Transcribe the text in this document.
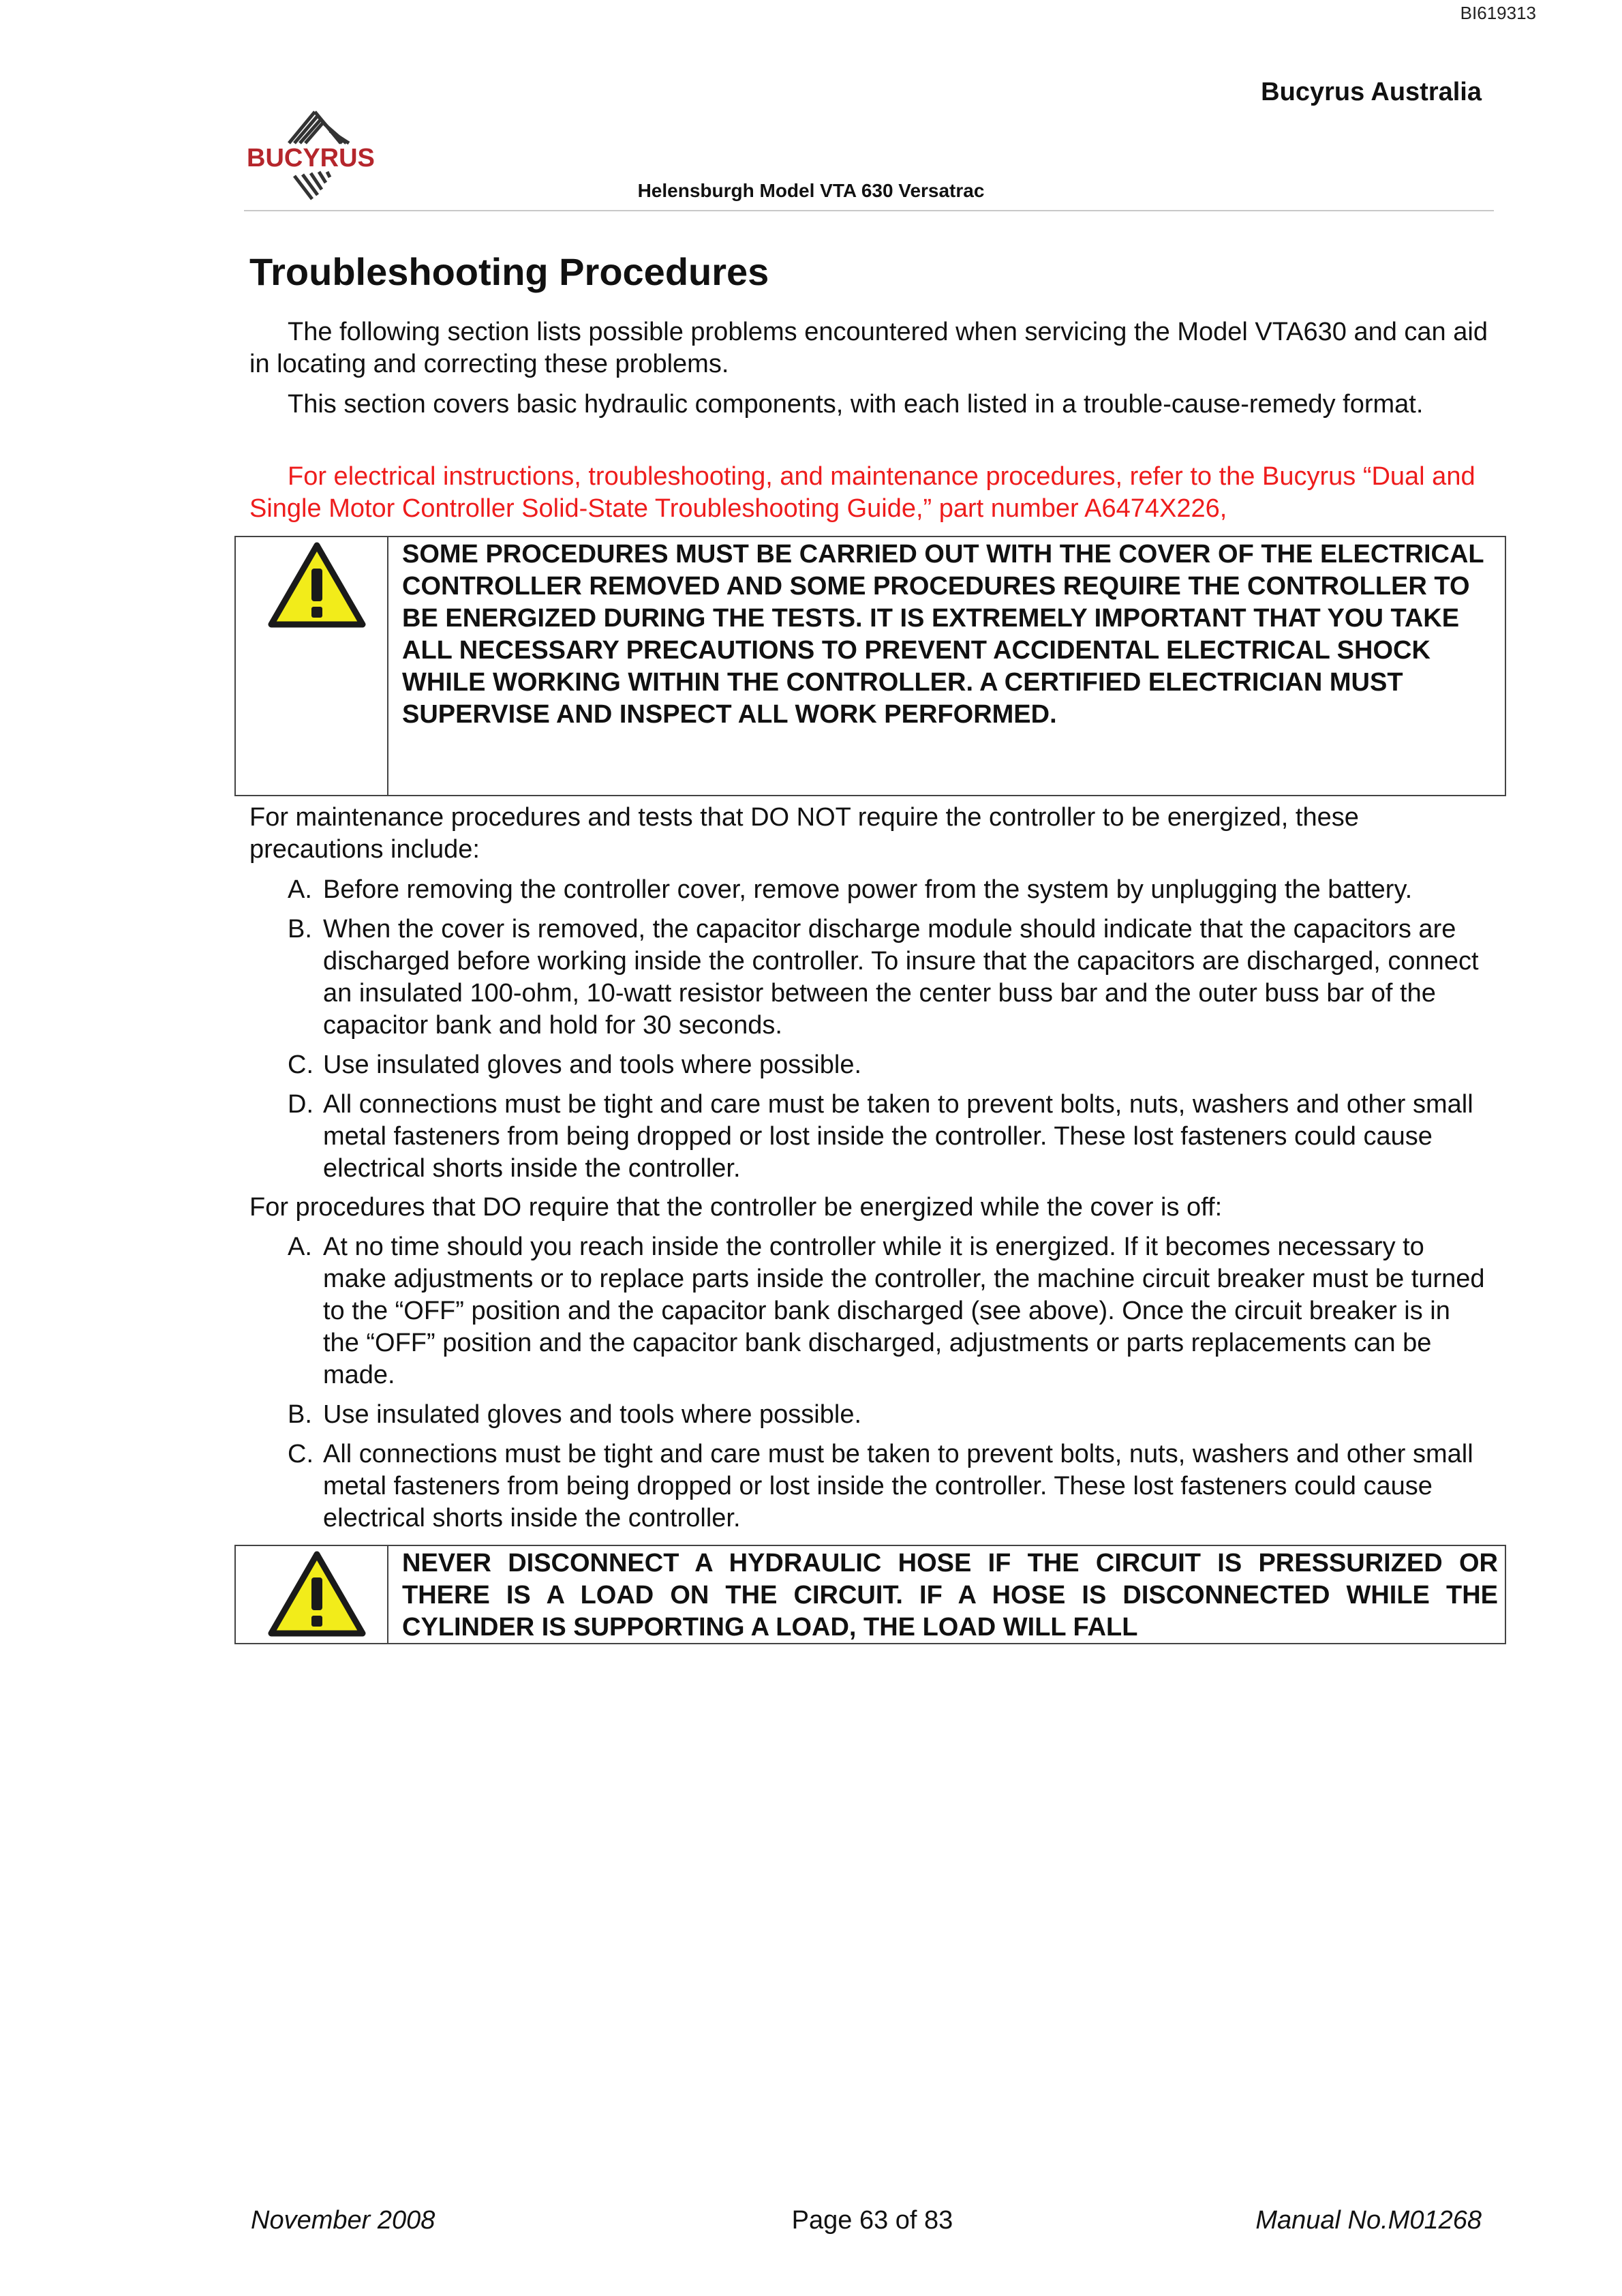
BI619313
Bucyrus Australia
BUCYRUS
Helensburgh Model VTA 630 Versatrac
Troubleshooting Procedures

The following section lists possible problems encountered when servicing the Model VTA630 and can aid in locating and correcting these problems.

This section covers basic hydraulic components, with each listed in a trouble-cause-remedy format.

For electrical instructions, troubleshooting, and maintenance procedures, refer to the Bucyrus “Dual and Single Motor Controller Solid-State Troubleshooting Guide,” part number A6474X226,

SOME PROCEDURES MUST BE CARRIED OUT WITH THE COVER OF THE ELECTRICAL CONTROLLER REMOVED AND SOME PROCEDURES REQUIRE THE CONTROLLER TO BE ENERGIZED DURING THE TESTS. IT IS EXTREMELY IMPORTANT THAT YOU TAKE ALL NECESSARY PRECAUTIONS TO PREVENT ACCIDENTAL ELECTRICAL SHOCK WHILE WORKING WITHIN THE CONTROLLER. A CERTIFIED ELECTRICIAN MUST SUPERVISE AND INSPECT ALL WORK PERFORMED.

For maintenance procedures and tests that DO NOT require the controller to be energized, these precautions include:

A. Before removing the controller cover, remove power from the system by unplugging the battery.
B. When the cover is removed, the capacitor discharge module should indicate that the capacitors are discharged before working inside the controller. To insure that the capacitors are discharged, connect an insulated 100-ohm, 10-watt resistor between the center buss bar and the outer buss bar of the capacitor bank and hold for 30 seconds.
C. Use insulated gloves and tools where possible.
D. All connections must be tight and care must be taken to prevent bolts, nuts, washers and other small metal fasteners from being dropped or lost inside the controller. These lost fasteners could cause electrical shorts inside the controller.

For procedures that DO require that the controller be energized while the cover is off:

A. At no time should you reach inside the controller while it is energized. If it becomes necessary to make adjustments or to replace parts inside the controller, the machine circuit breaker must be turned to the “OFF” position and the capacitor bank discharged (see above). Once the circuit breaker is in the “OFF” position and the capacitor bank discharged, adjustments or parts replacements can be made.
B. Use insulated gloves and tools where possible.
C. All connections must be tight and care must be taken to prevent bolts, nuts, washers and other small metal fasteners from being dropped or lost inside the controller. These lost fasteners could cause electrical shorts inside the controller.
NEVER DISCONNECT A HYDRAULIC HOSE IF THE CIRCUIT IS PRESSURIZED OR THERE IS A LOAD ON THE CIRCUIT. IF A HOSE IS DISCONNECTED WHILE THE CYLINDER IS SUPPORTING A LOAD, THE LOAD WILL FALL
November 2008	Page 63 of 83	Manual No.M01268
